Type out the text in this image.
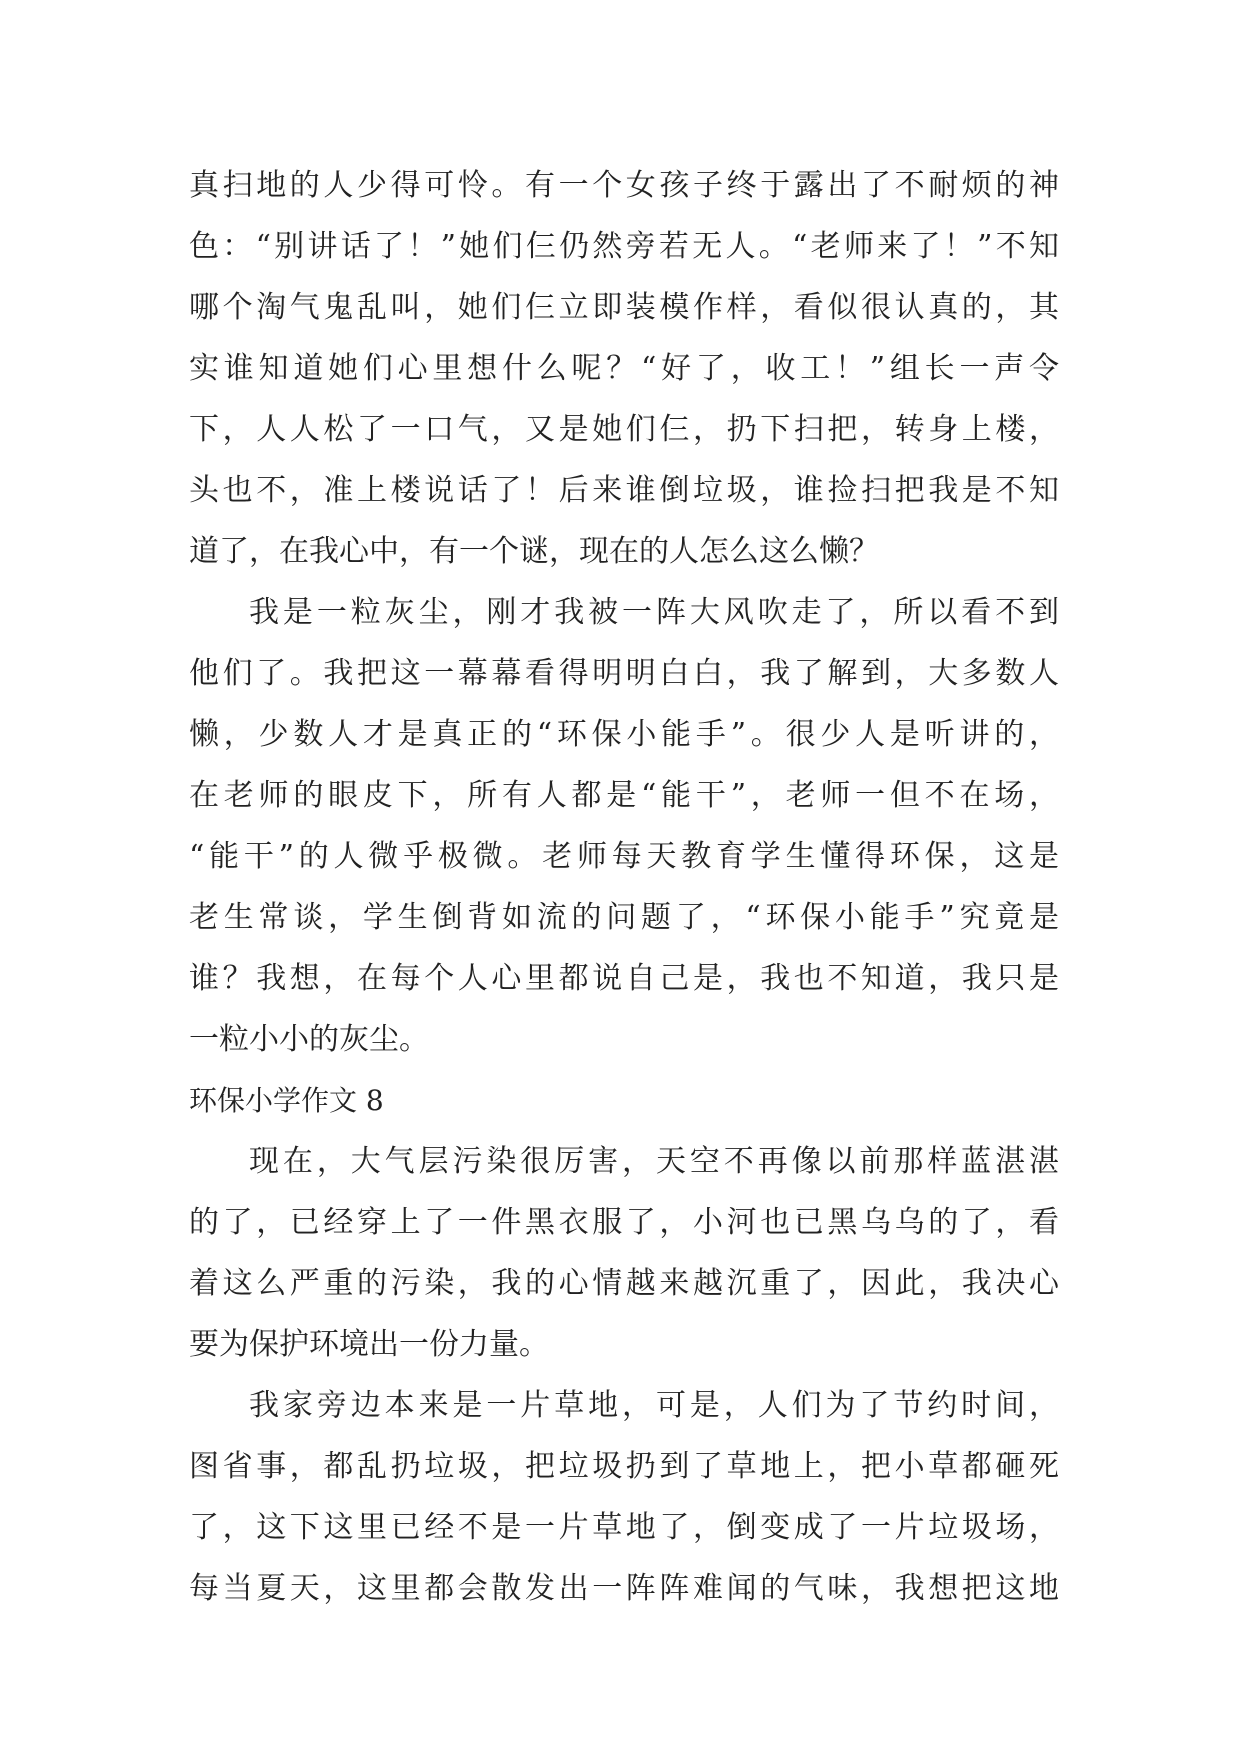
真扫地的人少得可怜。有一个女孩子终于露出了不耐烦的神
色：“别讲话了！”她们仨仍然旁若无人。“老师来了！”不知
哪个淘气鬼乱叫，她们仨立即装模作样，看似很认真的，其
实谁知道她们心里想什么呢？“好了，收工！”组长一声令
下，人人松了一口气，又是她们仨，扔下扫把，转身上楼，
头也不，准上楼说话了！后来谁倒垃圾，谁捡扫把我是不知
道了，在我心中，有一个谜，现在的人怎么这么懒？
我是一粒灰尘，刚才我被一阵大风吹走了，所以看不到
他们了。我把这一幕幕看得明明白白，我了解到，大多数人
懒，少数人才是真正的“环保小能手”。很少人是听讲的，
在老师的眼皮下，所有人都是“能干”，老师一但不在场，
“能干”的人微乎极微。老师每天教育学生懂得环保，这是
老生常谈，学生倒背如流的问题了，“环保小能手”究竟是
谁？我想，在每个人心里都说自己是，我也不知道，我只是
一粒小小的灰尘。
环保小学作文 8
现在，大气层污染很厉害，天空不再像以前那样蓝湛湛
的了，已经穿上了一件黑衣服了，小河也已黑乌乌的了，看
着这么严重的污染，我的心情越来越沉重了，因此，我决心
要为保护环境出一份力量。
我家旁边本来是一片草地，可是，人们为了节约时间，
图省事，都乱扔垃圾，把垃圾扔到了草地上，把小草都砸死
了，这下这里已经不是一片草地了，倒变成了一片垃圾场，
每当夏天，这里都会散发出一阵阵难闻的气味，我想把这地
